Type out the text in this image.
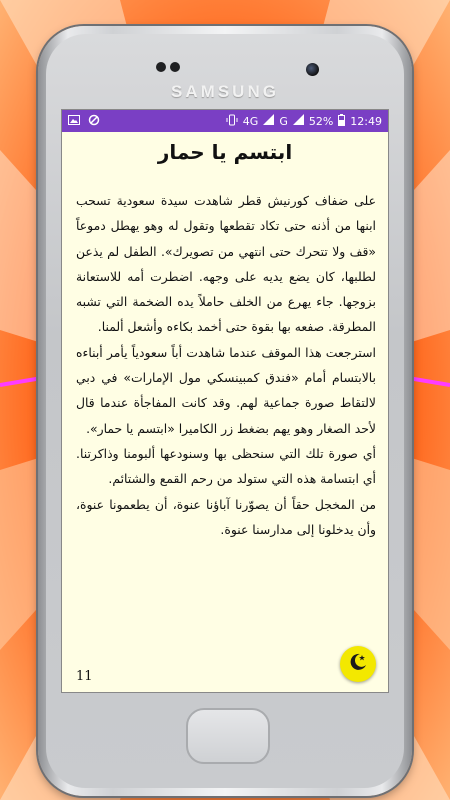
SAMSUNG
4G G 52% 12:49
ابتسم يا حمار

على ضفاف كورنيش قطر شاهدت سيدة سعودية تسحب ابنها من أذنه حتى تكاد تقطعها وتقول له وهو يهطل دموعاً «قف ولا تتحرك حتى انتهي من تصويرك». الطفل لم يذعن لطلبها، كان يضع يديه على وجهه. اضطرت أمه للاستعانة بزوجها. جاء يهرع من الخلف حاملاً يده الضخمة التي تشبه المطرقة. صفعه بها بقوة حتى أخمد بكاءه وأشعل ألمنا.

استرجعت هذا الموقف عندما شاهدت أباً سعودياً يأمر أبناءه بالابتسام أمام «فندق كمبينسكي مول الإمارات» في دبي لالتقاط صورة جماعية لهم. وقد كانت المفاجأة عندما قال لأحد الصغار وهو يهم بضغط زر الكاميرا «ابتسم يا حمار».

أي صورة تلك التي سنحظى بها وسنودعها ألبومنا وذاكرتنا. أي ابتسامة هذه التي ستولد من رحم القمع والشتائم.

من المخجل حقاً أن يصوّرنا آباؤنا عنوة، أن يطعمونا عنوة، وأن يدخلونا إلى مدارسنا عنوة.

11
